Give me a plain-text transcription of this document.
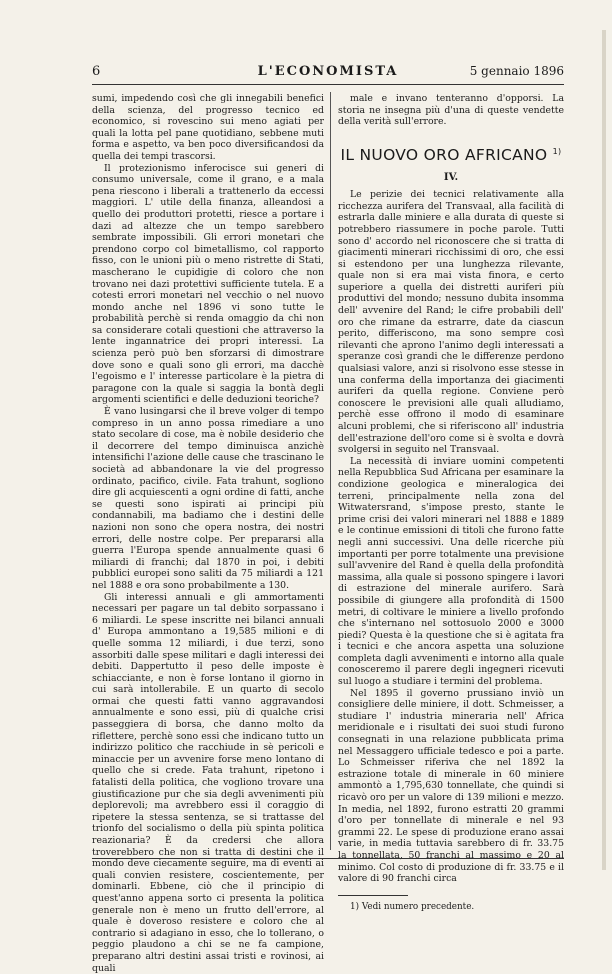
6	L'ECONOMISTA	5 gennaio 1896

sumi, impedendo così che gli innegabili benefici della scienza, del progresso tecnico ed economico, si rovescino sui meno agiati per quali la lotta pel pane quotidiano, sebbene muti forma e aspetto, va ben poco diversificandosi da quella dei tempi trascorsi.

Il protezionismo inferocisce sui generi di consumo universale, come il grano, e a mala pena riescono i liberali a trattenerlo da eccessi maggiori. L' utile della finanza, alleandosi a quello dei produttori protetti, riesce a portare i dazi ad altezze che un tempo sarebbero sembrate impossibili. Gli errori monetari che prendono corpo col bimetallismo, col rapporto fisso, con le unioni più o meno ristrette di Stati, mascherano le cupidigie di coloro che non trovano nei dazi protettivi sufficiente tutela. E a cotesti errori monetari nel vecchio o nel nuovo mondo anche nel 1896 vi sono tutte le probabilità perchè si renda omaggio da chi non sa considerare cotali questioni che attraverso la lente ingannatrice dei propri interessi. La scienza però può ben sforzarsi di dimostrare dove sono e quali sono gli errori, ma dacchè l'egoismo e l' interesse particolare è la pietra di paragone con la quale si saggia la bontà degli argomenti scientifici e delle deduzioni teoriche?

È vano lusingarsi che il breve volger di tempo compreso in un anno possa rimediare a uno stato secolare di cose, ma è nobile desiderio che il decorrere del tempo diminuisca anzichè intensifichi l'azione delle cause che trascinano le società ad abbandonare la vie del progresso ordinato, pacifico, civile. Fata trahunt, sogliono dire gli acquiescenti a ogni ordine di fatti, anche se questi sono ispirati ai principi più condannabili, ma badiamo che i destini delle nazioni non sono che opera nostra, dei nostri errori, delle nostre colpe. Per prepararsi alla guerra l'Europa spende annualmente quasi 6 miliardi di franchi; dal 1870 in poi, i debiti pubblici europei sono saliti da 75 miliardi a 121 nel 1888 e ora sono probabilmente a 130.

Gli interessi annuali e gli ammortamenti necessari per pagare un tal debito sorpassano i 6 miliardi. Le spese inscritte nei bilanci annuali d' Europa ammontano a 19,585 milioni e di quelle somma 12 miliardi, i due terzi, sono assorbiti dalle spese militari e dagli interessi dei debiti. Dappertutto il peso delle imposte è schiacciante, e non è forse lontano il giorno in cui sarà intollerabile. E un quarto di secolo ormai che questi fatti vanno aggravandosi annualmente e sono essi, più di qualche crisi passeggiera di borsa, che danno molto da riflettere, perchè sono essi che indicano tutto un indirizzo politico che racchiude in sè pericoli e minaccie per un avvenire forse meno lontano di quello che si crede. Fata trahunt, ripetono i fatalisti della politica, che vogliono trovare una giustificazione pur che sia degli avvenimenti più deplorevoli; ma avrebbero essi il coraggio di ripetere la stessa sentenza, se si trattasse del trionfo del socialismo o della più spinta politica reazionaria? È da credersi che allora troverebbero che non si tratta di destini che il mondo deve ciecamente seguire, ma di eventi ai quali convien resistere, coscientemente, per dominarli. Ebbene, ciò che il principio di quest'anno appena sorto ci presenta la politica generale non è meno un frutto dell'errore, al quale è doveroso resistere e coloro che al contrario si adagiano in esso, che lo tollerano, o peggio plaudono a chi se ne fa campione, preparano altri destini assai tristi e rovinosi, ai quali

male e invano tenteranno d'opporsi. La storia ne insegna più d'una di queste vendette della verità sull'errore.

IL NUOVO ORO AFRICANO $^{1)}$
IV.

Le perizie dei tecnici relativamente alla ricchezza aurifera del Transvaal, alla facilità di estrarla dalle miniere e alla durata di queste si potrebbero riassumere in poche parole. Tutti sono d' accordo nel riconoscere che si tratta di giacimenti minerari ricchissimi di oro, che essi si estendono per una lunghezza rilevante, quale non si era mai vista finora, e certo superiore a quella dei distretti auriferi più produttivi del mondo; nessuno dubita insomma dell' avvenire del Rand; le cifre probabili dell' oro che rimane da estrarre, date da ciascun perito, differiscono, ma sono sempre così rilevanti che aprono l'animo degli interessati a speranze così grandi che le differenze perdono qualsiasi valore, anzi si risolvono esse stesse in una conferma della importanza dei giacimenti auriferi da quella regione. Conviene però conoscere le previsioni alle quali alludiamo, perchè esse offrono il modo di esaminare alcuni problemi, che si riferiscono all' industria dell'estrazione dell'oro come si è svolta e dovrà svolgersi in seguito nel Transvaal.

La necessità di inviare uomini competenti nella Repubblica Sud Africana per esaminare la condizione geologica e mineralogica dei terreni, principalmente nella zona del Witwatersrand, s'impose presto, stante le prime crisi dei valori minerari nel 1888 e 1889 e le continue emissioni di titoli che furono fatte negli anni successivi. Una delle ricerche più importanti per porre totalmente una previsione sull'avvenire del Rand è quella della profondità massima, alla quale si possono spingere i lavori di estrazione del minerale aurifero. Sarà possibile di giungere alla profondità di 1500 metri, di coltivare le miniere a livello profondo che s'internano nel sottosuolo 2000 e 3000 piedi? Questa è la questione che si è agitata fra i tecnici e che ancora aspetta una soluzione completa dagli avvenimenti e intorno alla quale conosceremo il parere degli ingegneri ricevuti sul luogo a studiare i termini del problema.

Nel 1895 il governo prussiano inviò un consigliere delle miniere, il dott. Schmeisser, a studiare l' industria mineraria nell' Africa meridionale e i risultati dei suoi studi furono consegnati in una relazione pubblicata prima nel Messaggero ufficiale tedesco e poi a parte. Lo Schmeisser riferiva che nel 1892 la estrazione totale di minerale in 60 miniere ammontò a 1,795,630 tonnellate, che quindi si ricavò oro per un valore di 139 milioni e mezzo. In media, nel 1892, furono estratti 20 grammi d'oro per tonnellate di minerale e nel 93 grammi 22. Le spese di produzione erano assai varie, in media tuttavia sarebbero di fr. 33.75 la tonnellata, 50 franchi al massimo e 20 al minimo. Col costo di produzione di fr. 33.75 e il valore di 90 franchi circa

1) Vedi numero precedente.
